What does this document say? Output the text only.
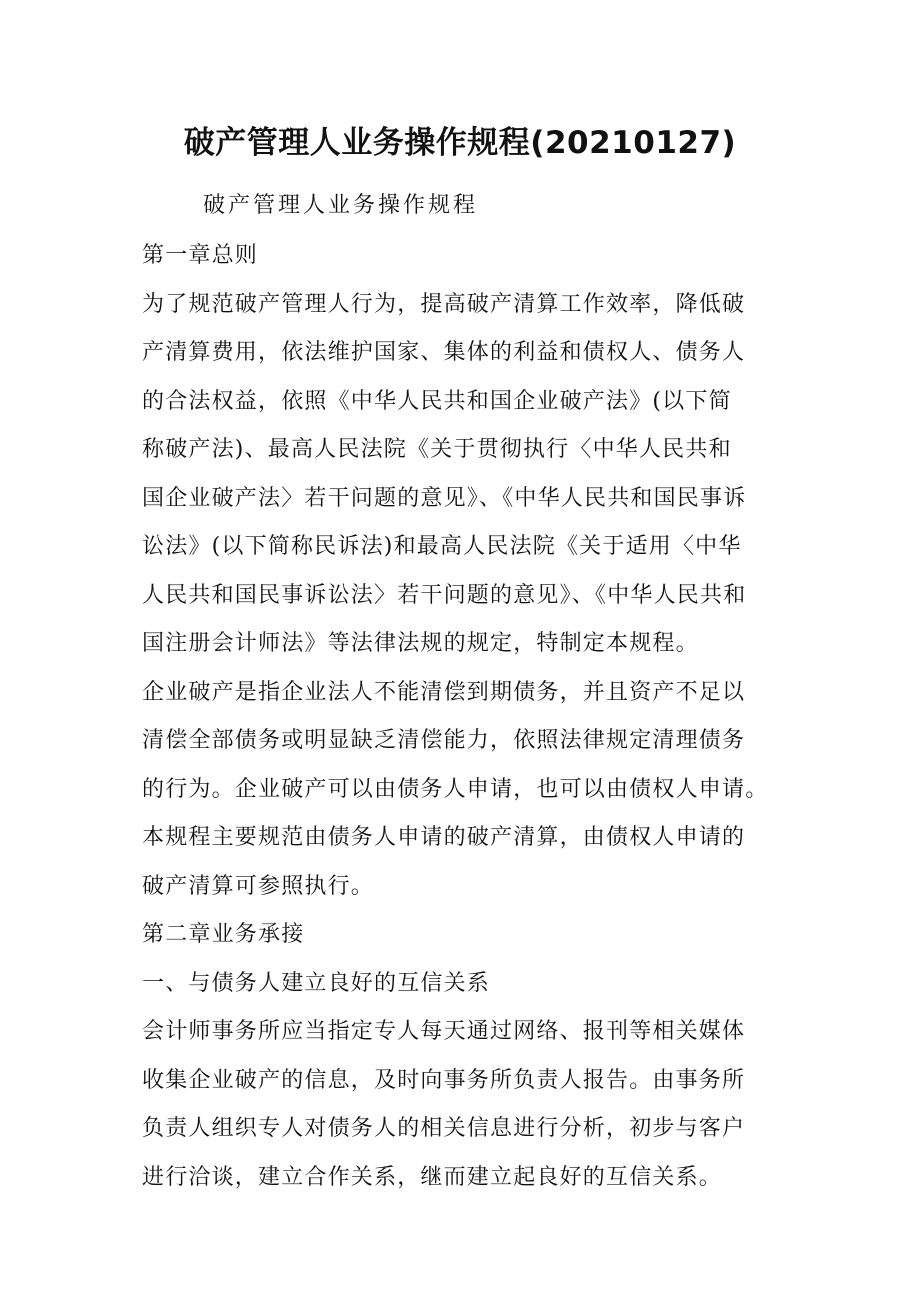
破产管理人业务操作规程(20210127)
破产管理人业务操作规程
第一章总则
为了规范破产管理人行为，提高破产清算工作效率，降低破
产清算费用，依法维护国家、集体的利益和债权人、债务人
的合法权益，依照《中华人民共和国企业破产法》(以下简
称破产法)、最高人民法院《关于贯彻执行〈中华人民共和
国企业破产法〉若干问题的意见》、《中华人民共和国民事诉
讼法》(以下简称民诉法)和最高人民法院《关于适用〈中华
人民共和国民事诉讼法〉若干问题的意见》、《中华人民共和
国注册会计师法》等法律法规的规定，特制定本规程。
企业破产是指企业法人不能清偿到期债务，并且资产不足以
清偿全部债务或明显缺乏清偿能力，依照法律规定清理债务
的行为。企业破产可以由债务人申请，也可以由债权人申请。
本规程主要规范由债务人申请的破产清算，由债权人申请的
破产清算可参照执行。
第二章业务承接
一、与债务人建立良好的互信关系
会计师事务所应当指定专人每天通过网络、报刊等相关媒体
收集企业破产的信息，及时向事务所负责人报告。由事务所
负责人组织专人对债务人的相关信息进行分析，初步与客户
进行洽谈，建立合作关系，继而建立起良好的互信关系。
